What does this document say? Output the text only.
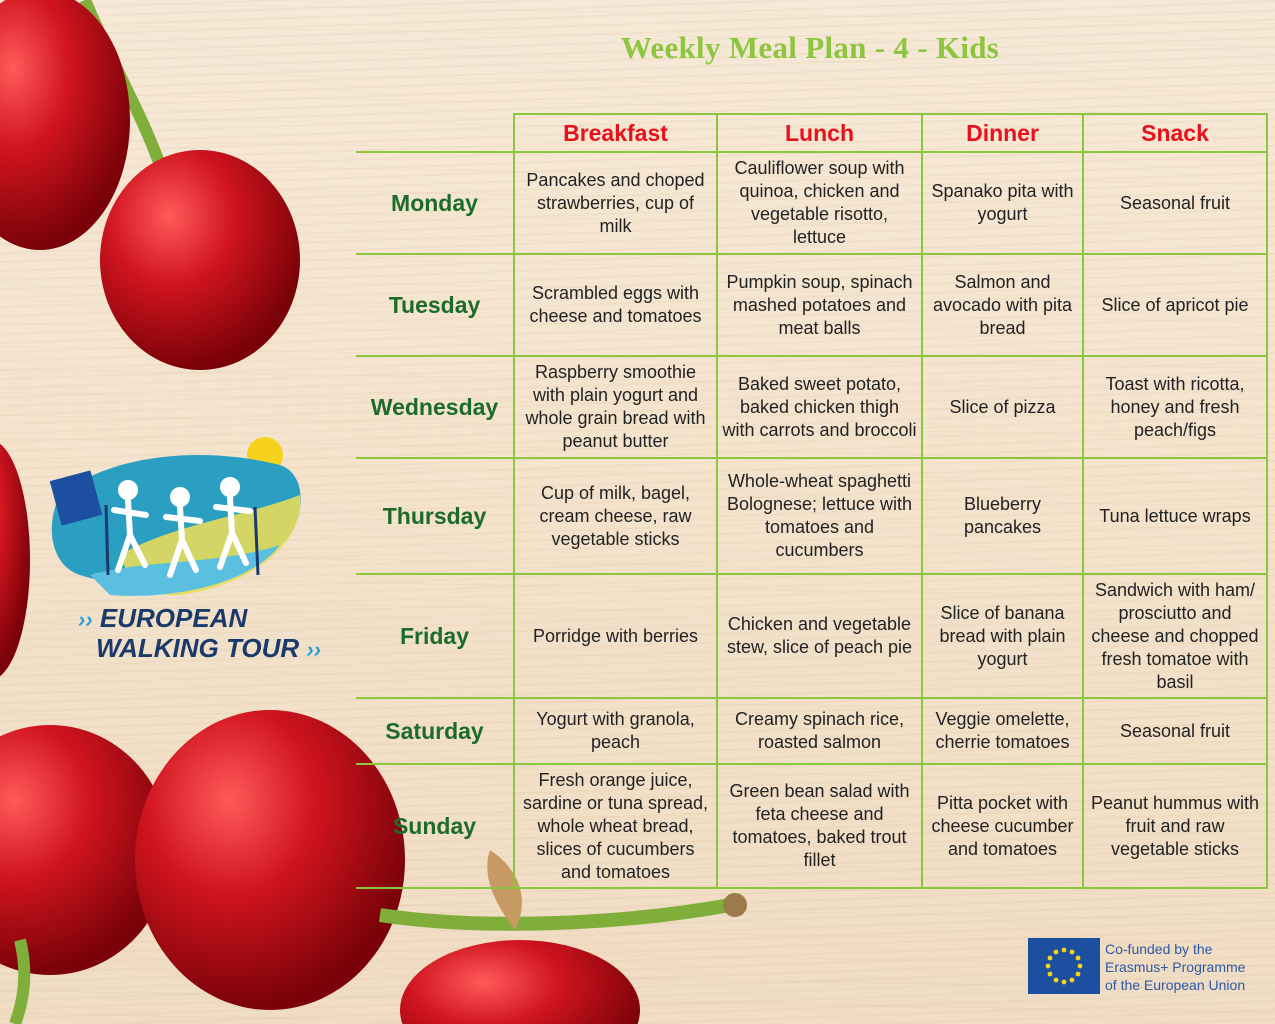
Weekly Meal Plan - 4 - Kids
	Breakfast	Lunch	Dinner	Snack
Monday	Pancakes and choped strawberries, cup of milk	Cauliflower soup with quinoa, chicken and vegetable risotto, lettuce	Spanako pita with yogurt	Seasonal fruit
Tuesday	Scrambled eggs with cheese and tomatoes	Pumpkin soup, spinach mashed potatoes and meat balls	Salmon and avocado with pita bread	Slice of apricot pie
Wednesday	Raspberry smoothie with plain yogurt and whole grain bread with peanut butter	Baked sweet potato, baked chicken thigh with carrots and broccoli	Slice of pizza	Toast with ricotta, honey and fresh peach/figs
Thursday	Cup of milk, bagel, cream cheese, raw vegetable sticks	Whole-wheat spaghetti Bolognese; lettuce with tomatoes and cucumbers	Blueberry pancakes	Tuna lettuce wraps
Friday	Porridge with berries	Chicken and vegetable stew, slice of peach pie	Slice of banana bread with plain yogurt	Sandwich with ham/ prosciutto and cheese and chopped fresh tomatoe with basil
Saturday	Yogurt with granola, peach	Creamy spinach rice, roasted salmon	Veggie omelette, cherrie tomatoes	Seasonal fruit
Sunday	Fresh orange juice, sardine or tuna spread, whole wheat bread, slices of cucumbers and tomatoes	Green bean salad with feta cheese and tomatoes, baked trout fillet	Pitta pocket with cheese cucumber and tomatoes	Peanut hummus with fruit and raw vegetable sticks
›› EUROPEAN
WALKING TOUR ››
Co-funded by the
Erasmus+ Programme
of the European Union
